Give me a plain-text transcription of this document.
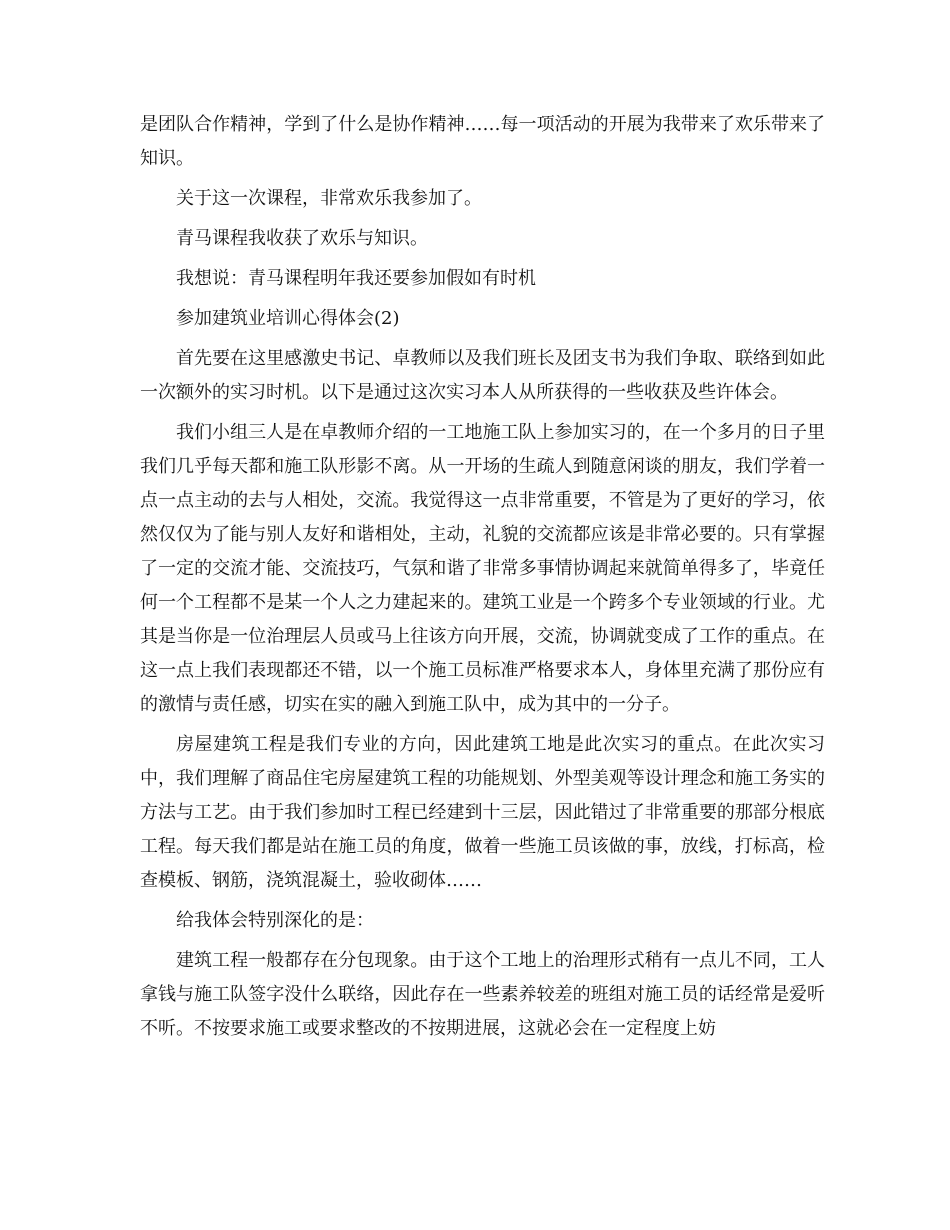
是团队合作精神，学到了什么是协作精神……每一项活动的开展为我带来了欢乐带来了知识。

关于这一次课程，非常欢乐我参加了。

青马课程我收获了欢乐与知识。

我想说：青马课程明年我还要参加假如有时机

参加建筑业培训心得体会(2)

首先要在这里感激史书记、卓教师以及我们班长及团支书为我们争取、联络到如此一次额外的实习时机。以下是通过这次实习本人从所获得的一些收获及些许体会。

我们小组三人是在卓教师介绍的一工地施工队上参加实习的，在一个多月的日子里我们几乎每天都和施工队形影不离。从一开场的生疏人到随意闲谈的朋友，我们学着一点一点主动的去与人相处，交流。我觉得这一点非常重要，不管是为了更好的学习，依然仅仅为了能与别人友好和谐相处，主动，礼貌的交流都应该是非常必要的。只有掌握了一定的交流才能、交流技巧，气氛和谐了非常多事情协调起来就简单得多了，毕竟任何一个工程都不是某一个人之力建起来的。建筑工业是一个跨多个专业领域的行业。尤其是当你是一位治理层人员或马上往该方向开展，交流，协调就变成了工作的重点。在这一点上我们表现都还不错，以一个施工员标准严格要求本人，身体里充满了那份应有的激情与责任感，切实在实的融入到施工队中，成为其中的一分子。

房屋建筑工程是我们专业的方向，因此建筑工地是此次实习的重点。在此次实习中，我们理解了商品住宅房屋建筑工程的功能规划、外型美观等设计理念和施工务实的方法与工艺。由于我们参加时工程已经建到十三层，因此错过了非常重要的那部分根底工程。每天我们都是站在施工员的角度，做着一些施工员该做的事，放线，打标高，检查模板、钢筋，浇筑混凝土，验收砌体……

给我体会特别深化的是：

建筑工程一般都存在分包现象。由于这个工地上的治理形式稍有一点儿不同，工人拿钱与施工队签字没什么联络，因此存在一些素养较差的班组对施工员的话经常是爱听不听。不按要求施工或要求整改的不按期进展，这就必会在一定程度上妨
